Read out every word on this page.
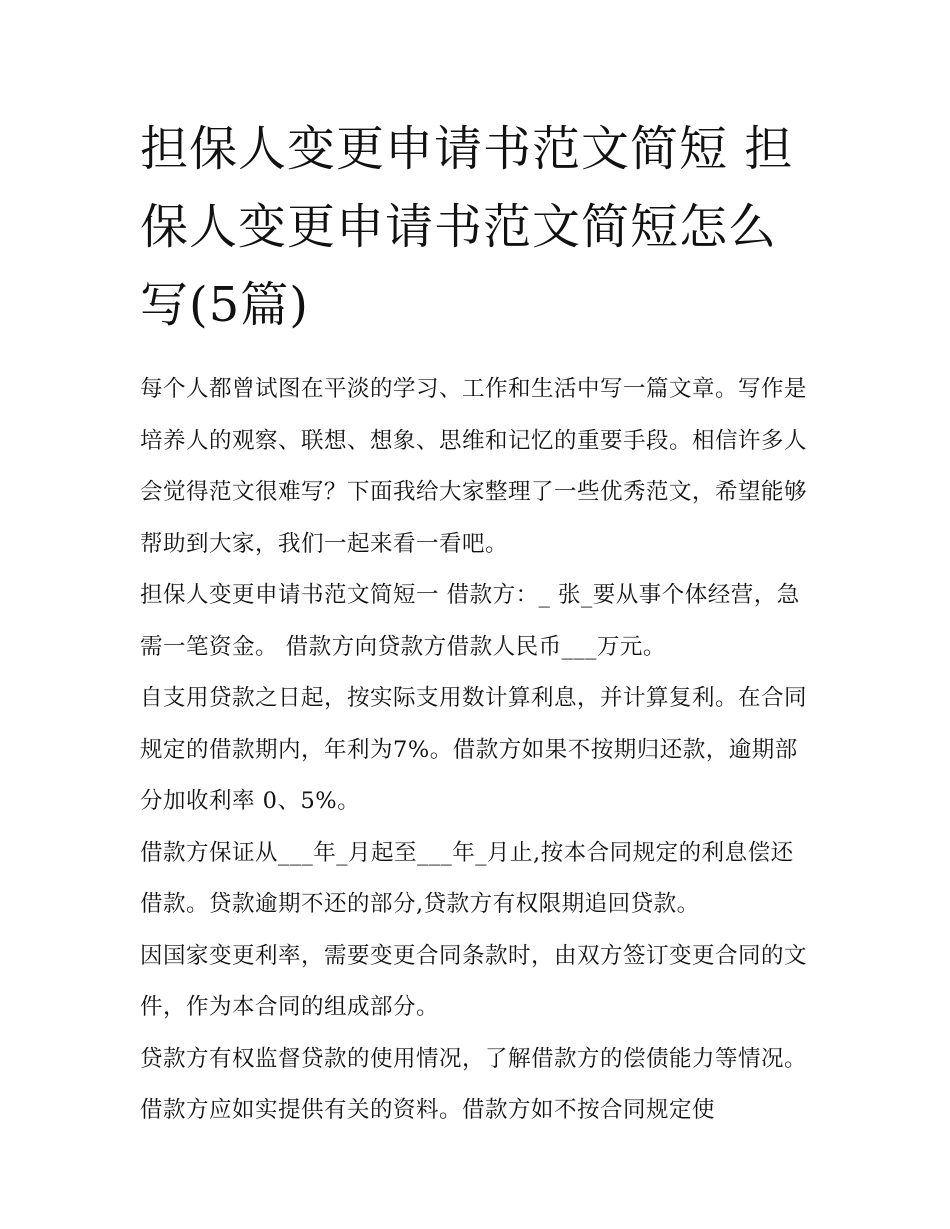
担保人变更申请书范文简短 担保人变更申请书范文简短怎么写(5篇)

每个人都曾试图在平淡的学习、工作和生活中写一篇文章。写作是培养人的观察、联想、想象、思维和记忆的重要手段。相信许多人会觉得范文很难写？下面我给大家整理了一些优秀范文，希望能够帮助到大家，我们一起来看一看吧。

担保人变更申请书范文简短一 借款方：_ 张_要从事个体经营，急需一笔资金。 借款方向贷款方借款人民币___万元。

自支用贷款之日起，按实际支用数计算利息，并计算复利。在合同规定的借款期内，年利为7%。借款方如果不按期归还款，逾期部分加收利率 0、5%。

借款方保证从___年_月起至___年_月止,按本合同规定的利息偿还借款。贷款逾期不还的部分,贷款方有权限期追回贷款。

因国家变更利率，需要变更合同条款时，由双方签订变更合同的文件，作为本合同的组成部分。

贷款方有权监督贷款的使用情况，了解借款方的偿债能力等情况。借款方应如实提供有关的资料。借款方如不按合同规定使
